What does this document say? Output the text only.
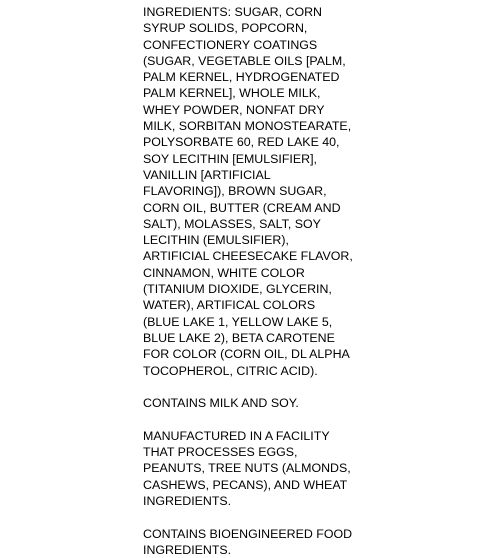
INGREDIENTS: SUGAR, CORN
SYRUP SOLIDS, POPCORN,
CONFECTIONERY COATINGS
(SUGAR, VEGETABLE OILS [PALM,
PALM KERNEL, HYDROGENATED
PALM KERNEL], WHOLE MILK,
WHEY POWDER, NONFAT DRY
MILK, SORBITAN MONOSTEARATE,
POLYSORBATE 60, RED LAKE 40,
SOY LECITHIN [EMULSIFIER],
VANILLIN [ARTIFICIAL
FLAVORING]), BROWN SUGAR,
CORN OIL, BUTTER (CREAM AND
SALT), MOLASSES, SALT, SOY
LECITHIN (EMULSIFIER),
ARTIFICIAL CHEESECAKE FLAVOR,
CINNAMON, WHITE COLOR
(TITANIUM DIOXIDE, GLYCERIN,
WATER), ARTIFICAL COLORS
(BLUE LAKE 1, YELLOW LAKE 5,
BLUE LAKE 2), BETA CAROTENE
FOR COLOR (CORN OIL, DL ALPHA
TOCOPHEROL, CITRIC ACID).
CONTAINS MILK AND SOY.
MANUFACTURED IN A FACILITY
THAT PROCESSES EGGS,
PEANUTS, TREE NUTS (ALMONDS,
CASHEWS, PECANS), AND WHEAT
INGREDIENTS.
CONTAINS BIOENGINEERED FOOD
INGREDIENTS.
